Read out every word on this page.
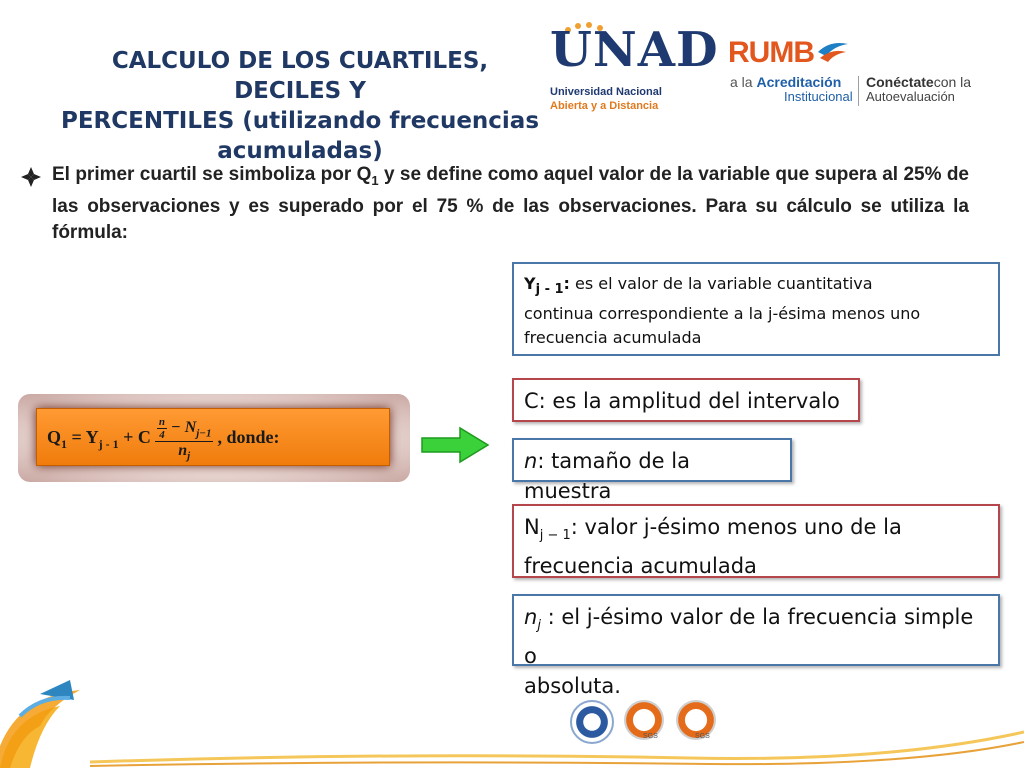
CALCULO DE LOS CUARTILES, DECILES Y
PERCENTILES (utilizando frecuencias
acumuladas)
UNAD
Universidad Nacional
Abierta y a Distancia
RUMB
a la Acreditación
Institucional
Conéctatecon la
Autoevaluación
El primer cuartil se simboliza por $Q_1$ y se define como aquel valor de la variable que supera al 25% de las observaciones y es superado por el 75 % de las observaciones. Para su cálculo se utiliza la fórmula:
$Q_1 = Y_{j - 1} + C \frac{\frac{n}{4} - N_{j-1}}{n_j}$ , donde:
$Y_{j - 1}$: es el valor de la variable cuantitativa
continua correspondiente a la j-ésima menos uno
frecuencia acumulada
C: es la amplitud del intervalo
n: tamaño de la muestra
$N_{j - 1}$: valor j-ésimo menos uno de la
frecuencia acumulada
$n_j$ : el j-ésimo valor de la frecuencia simple o
absoluta.
SGS	SGS
